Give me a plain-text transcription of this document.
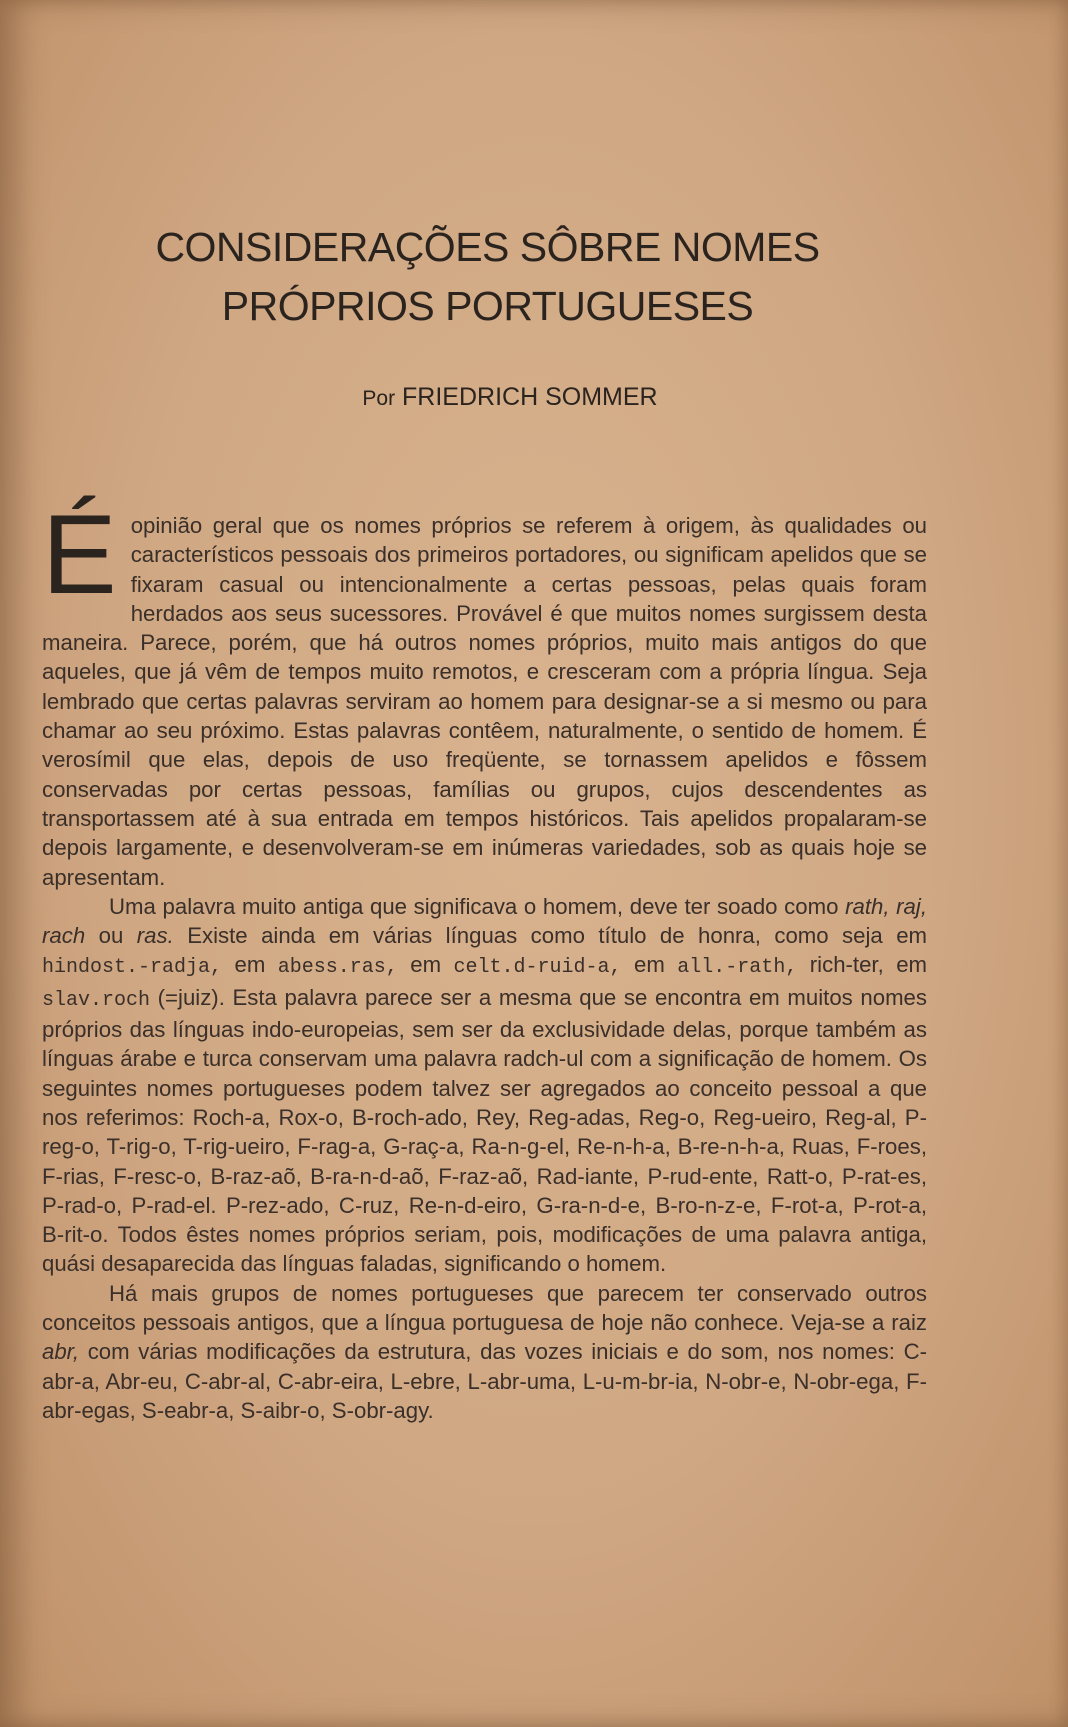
CONSIDERAÇÕES SÔBRE NOMES
PRÓPRIOS PORTUGUESES
Por FRIEDRICH SOMMER

Éopinião geral que os nomes próprios se referem à origem, às qualidades ou característicos pessoais dos primeiros portadores, ou significam apelidos que se fixaram casual ou intencionalmente a certas pessoas, pelas quais foram herdados aos seus sucessores. Provável é que muitos nomes surgissem desta maneira. Parece, porém, que há outros nomes próprios, muito mais antigos do que aqueles, que já vêm de tempos muito remotos, e cresceram com a própria língua. Seja lembrado que certas palavras serviram ao homem para designar-se a si mesmo ou para chamar ao seu próximo. Estas palavras contêem, naturalmente, o sentido de homem. É verosímil que elas, depois de uso freqüente, se tornassem apelidos e fôssem conservadas por certas pessoas, famílias ou grupos, cujos descendentes as transportassem até à sua entrada em tempos históricos. Tais apelidos propalaram-se depois largamente, e desenvolveram-se em inúmeras variedades, sob as quais hoje se apresentam.

Uma palavra muito antiga que significava o homem, deve ter soado como rath, raj, rach ou ras. Existe ainda em várias línguas como título de honra, como seja em hindost.-radja, em abess.ras, em celt.d-ruid-a, em all.-rath, rich-ter, em slav.roch (=juiz). Esta palavra parece ser a mesma que se encontra em muitos nomes próprios das línguas indo-europeias, sem ser da exclusividade delas, porque também as línguas árabe e turca conservam uma palavra radch-ul com a significação de homem. Os seguintes nomes portugueses podem talvez ser agregados ao conceito pessoal a que nos referimos: Roch-a, Rox-o, B-roch-ado, Rey, Reg-adas, Reg-o, Reg-ueiro, Reg-al, P-reg-o, T-rig-o, T-rig-ueiro, F-rag-a, G-raç-a, Ra-n-g-el, Re-n-h-a, B-re-n-h-a, Ruas, F-roes, F-rias, F-resc-o, B-raz-aõ, B-ra-n-d-aõ, F-raz-aõ, Rad-iante, P-rud-ente, Ratt-o, P-rat-es, P-rad-o, P-rad-el. P-rez-ado, C-ruz, Re-n-d-eiro, G-ra-n-d-e, B-ro-n-z-e, F-rot-a, P-rot-a, B-rit-o. Todos êstes nomes próprios seriam, pois, modificações de uma palavra antiga, quási desaparecida das línguas faladas, significando o homem.

Há mais grupos de nomes portugueses que parecem ter conservado outros conceitos pessoais antigos, que a língua portuguesa de hoje não conhece. Veja-se a raiz abr, com várias modificações da estrutura, das vozes iniciais e do som, nos nomes: C-abr-a, Abr-eu, C-abr-al, C-abr-eira, L-ebre, L-abr-uma, L-u-m-br-ia, N-obr-e, N-obr-ega, F-abr-egas, S-eabr-a, S-aibr-o, S-obr-agy.
